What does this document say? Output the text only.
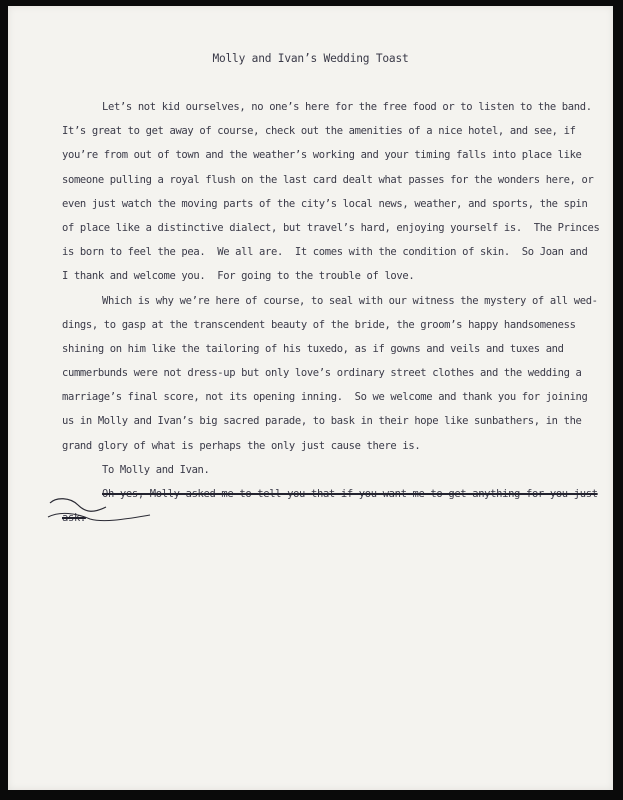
Molly and Ivan’s Wedding Toast
Let’s not kid ourselves, no one’s here for the free food or to listen to the band.
It’s great to get away of course, check out the amenities of a nice hotel, and see, if
you’re from out of town and the weather’s working and your timing falls into place like
someone pulling a royal flush on the last card dealt what passes for the wonders here, or
even just watch the moving parts of the city’s local news, weather, and sports, the spin
of place like a distinctive dialect, but travel’s hard, enjoying yourself is.  The Princes
is born to feel the pea.  We all are.  It comes with the condition of skin.  So Joan and
I thank and welcome you.  For going to the trouble of love.
Which is why we’re here of course, to seal with our witness the mystery of all wed-
dings, to gasp at the transcendent beauty of the bride, the groom’s happy handsomeness
shining on him like the tailoring of his tuxedo, as if gowns and veils and tuxes and
cummerbunds were not dress-up but only love’s ordinary street clothes and the wedding a
marriage’s final score, not its opening inning.  So we welcome and thank you for joining
us in Molly and Ivan’s big sacred parade, to bask in their hope like sunbathers, in the
grand glory of what is perhaps the only just cause there is.
To Molly and Ivan.
Oh yes, Molly asked me to tell you that if you want me to get anything for you just
ask.
